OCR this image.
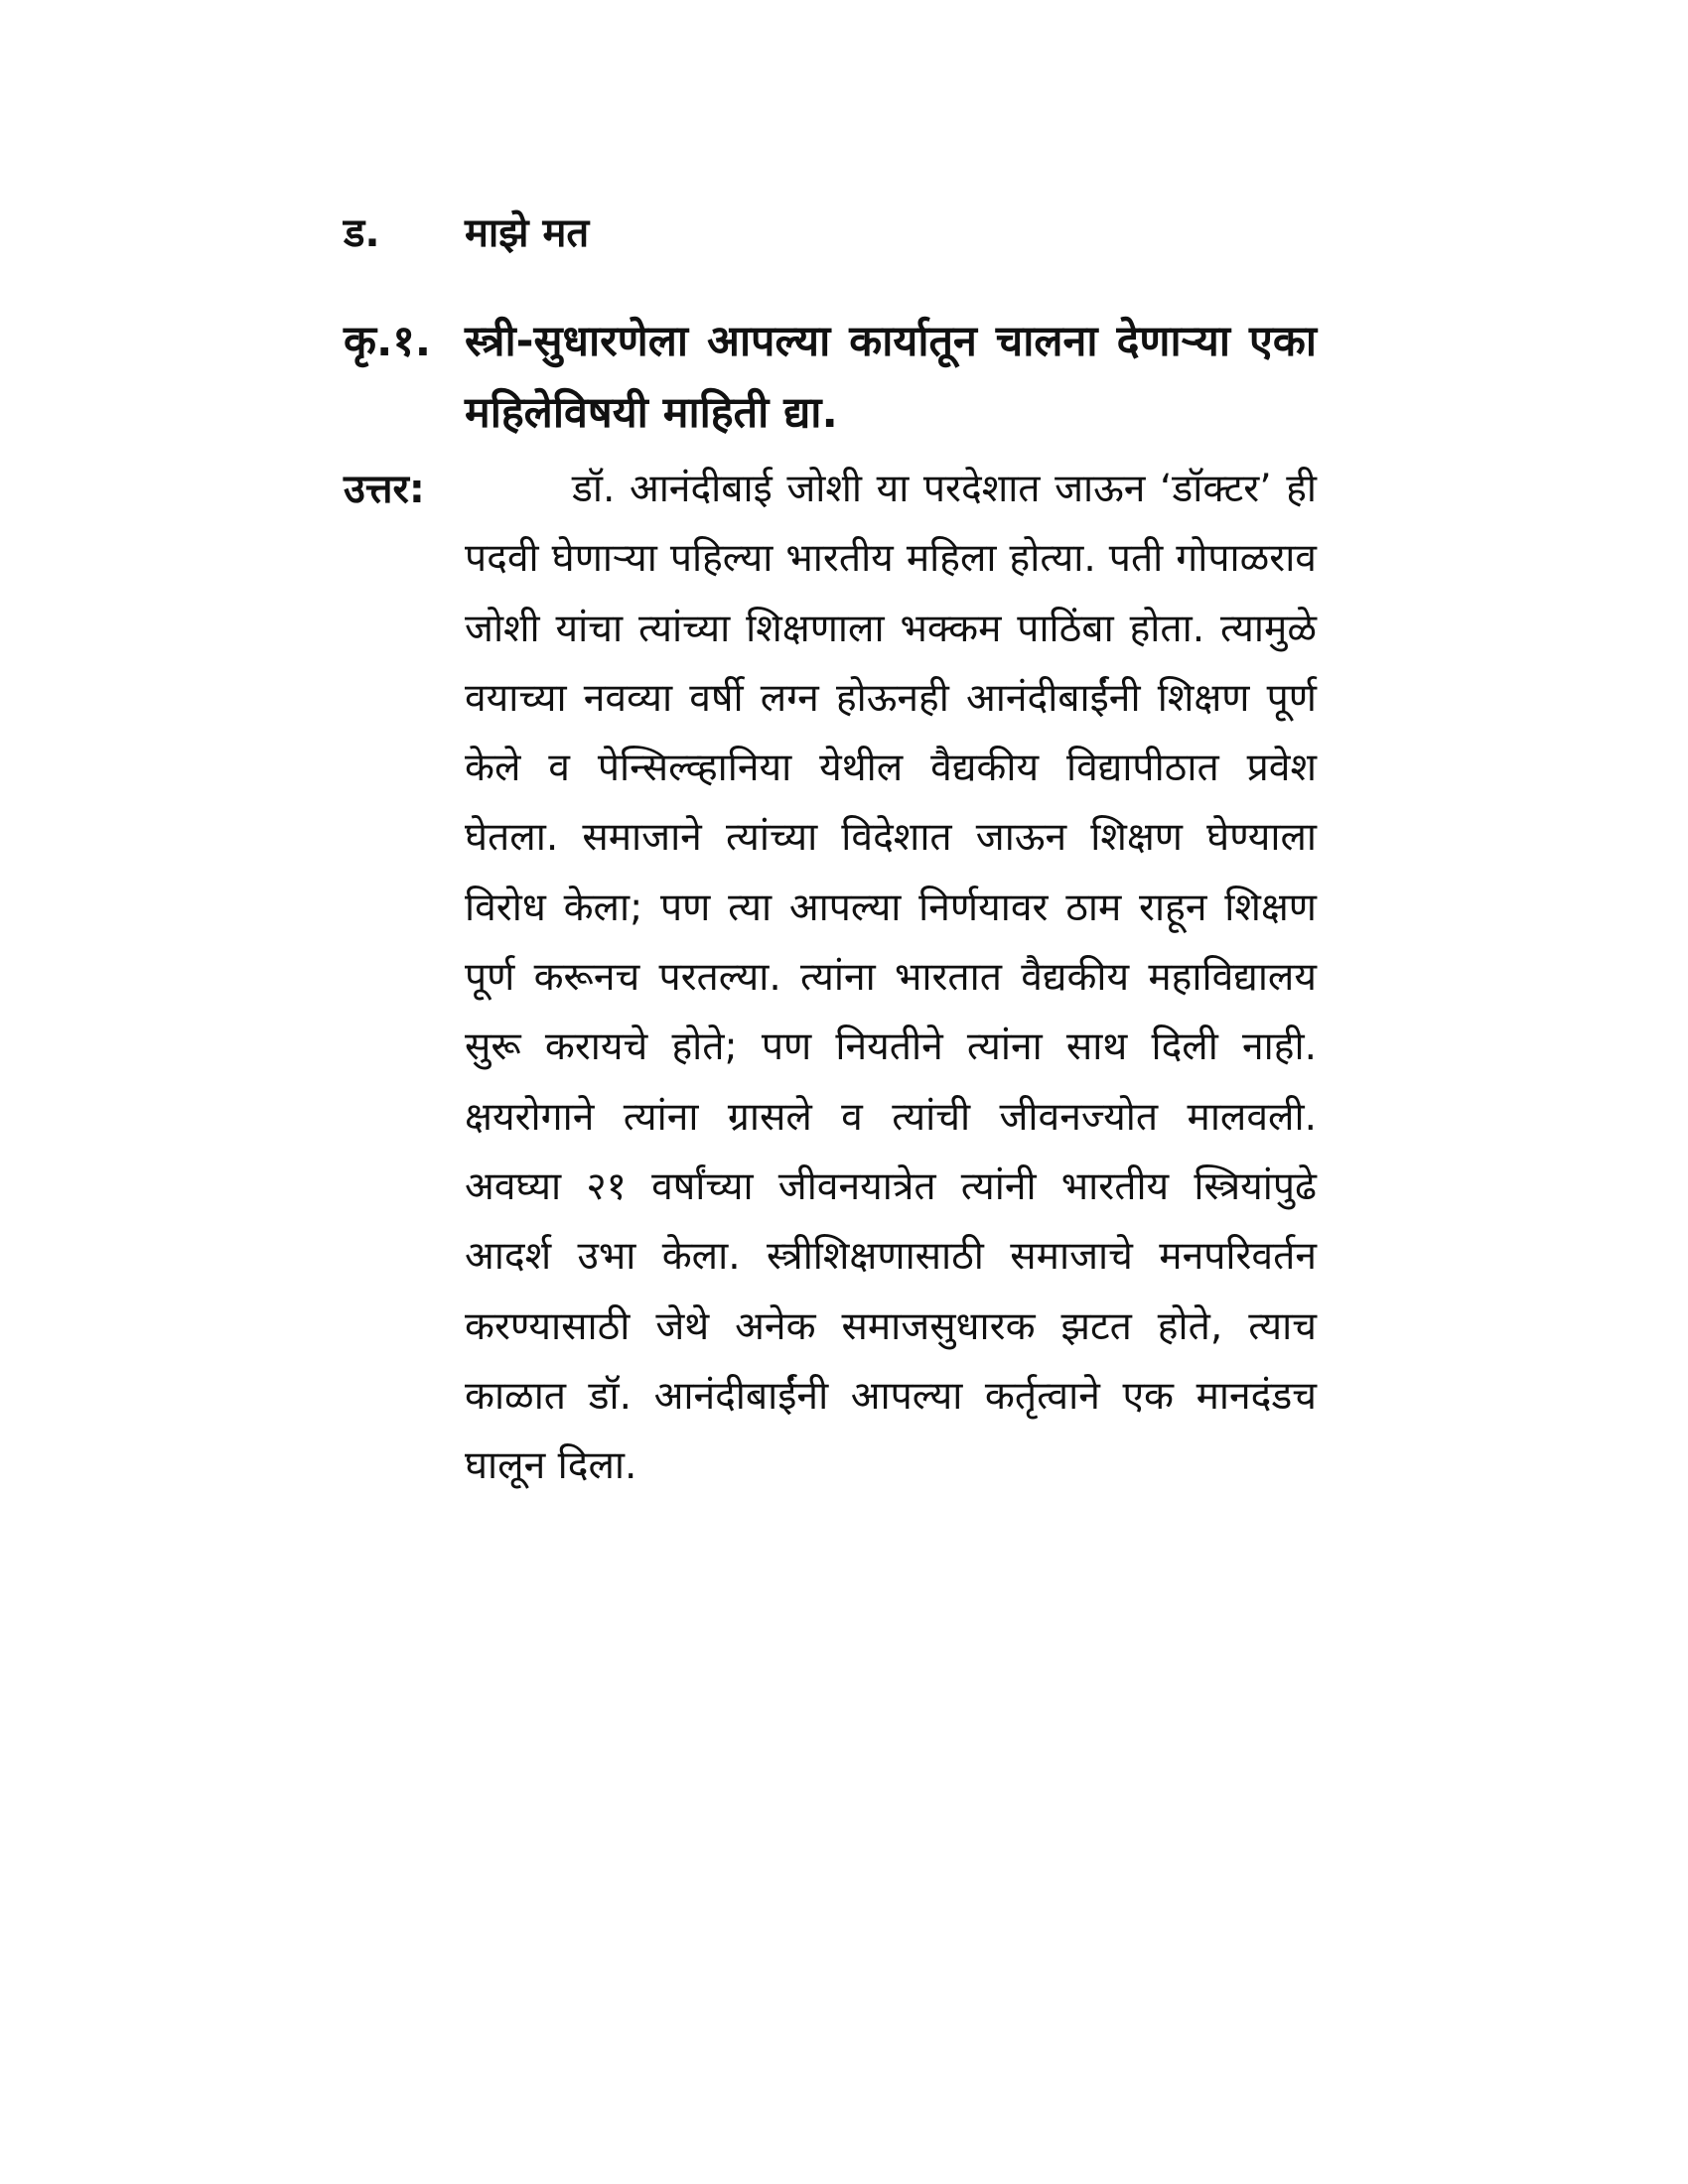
ड. माझे मत
कृ.१. स्त्री-सुधारणेला आपल्या कार्यातून चालना देणाऱ्या एका महिलेविषयी माहिती द्या.
उत्तर:	डॉ. आनंदीबाई जोशी या परदेशात जाऊन ‘डॉक्टर’ ही पदवी घेणाऱ्या पहिल्या भारतीय महिला होत्या. पती गोपाळराव जोशी यांचा त्यांच्या शिक्षणाला भक्कम पाठिंबा होता. त्यामुळे वयाच्या नवव्या वर्षी लग्न होऊनही आनंदीबाईंनी शिक्षण पूर्ण केले व पेन्सिल्व्हानिया येथील वैद्यकीय विद्यापीठात प्रवेश घेतला. समाजाने त्यांच्या विदेशात जाऊन शिक्षण घेण्याला विरोध केला; पण त्या आपल्या निर्णयावर ठाम राहून शिक्षण पूर्ण करूनच परतल्या. त्यांना भारतात वैद्यकीय महाविद्यालय सुरू करायचे होते; पण नियतीने त्यांना साथ दिली नाही. क्षयरोगाने त्यांना ग्रासले व त्यांची जीवनज्योत मालवली. अवघ्या २१ वर्षांच्या जीवनयात्रेत त्यांनी भारतीय स्त्रियांपुढे आदर्श उभा केला. स्त्रीशिक्षणासाठी समाजाचे मनपरिवर्तन करण्यासाठी जेथे अनेक समाजसुधारक झटत होते, त्याच काळात डॉ. आनंदीबाईंनी आपल्या कर्तृत्वाने एक मानदंडच घालून दिला.
